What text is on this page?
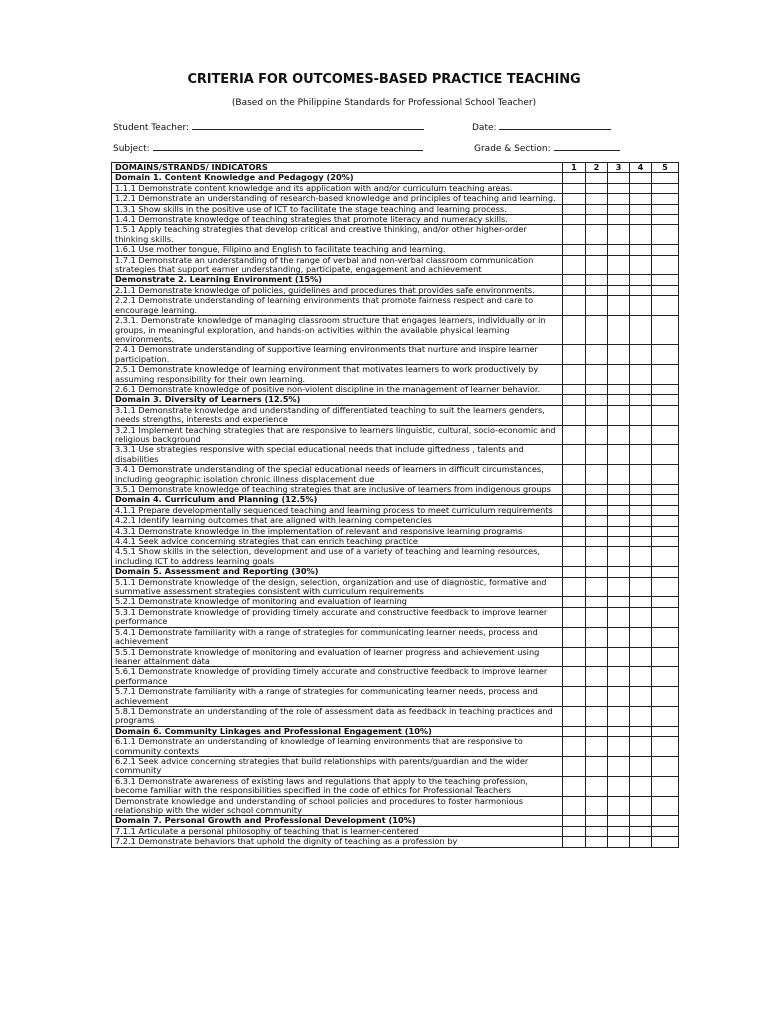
CRITERIA FOR OUTCOMES-BASED PRACTICE TEACHING
(Based on the Philippine Standards for Professional School Teacher)
Student Teacher:	Date:
Subject:	Grade & Section:
DOMAINS/STRANDS/ INDICATORS	1	2	3	4	5
Domain 1. Content Knowledge and Pedagogy (20%)					
1.1.1 Demonstrate content knowledge and its application with and/or curriculum teaching areas.					
1.2.1 Demonstrate an understanding of research-based knowledge and principles of teaching and learning.					
1.3.1 Show skills in the positive use of ICT to facilitate the stage teaching and learning process.					
1.4.1 Demonstrate knowledge of teaching strategies that promote literacy and numeracy skills.					
1.5.1 Apply teaching strategies that develop critical and creative thinking, and/or other higher-order thinking skills.					
1.6.1 Use mother tongue, Filipino and English to facilitate teaching and learning.					
1.7.1 Demonstrate an understanding of the range of verbal and non-verbal classroom communication strategies that support earner understanding, participate, engagement and achievement					
Demonstrate 2. Learning Environment (15%)					
2.1.1 Demonstrate knowledge of policies, guidelines and procedures that provides safe environments.					
2.2.1 Demonstrate understanding of learning environments that promote fairness respect and care to encourage learning.					
2.3.1. Demonstrate knowledge of managing classroom structure that engages learners, individually or in groups, in meaningful exploration, and hands-on activities within the available physical learning environments.					
2.4.1 Demonstrate understanding of supportive learning environments that nurture and inspire learner participation.					
2.5.1 Demonstrate knowledge of learning environment that motivates learners to work productively by assuming responsibility for their own learning.					
2.6.1 Demonstrate knowledge of positive non-violent discipline in the management of learner behavior.					
Domain 3. Diversity of Learners (12.5%)					
3.1.1 Demonstrate knowledge and understanding of differentiated teaching to suit the learners genders, needs strengths, interests and experience					
3.2.1 Implement teaching strategies that are responsive to learners linguistic, cultural, socio-economic and religious background					
3.3.1 Use strategies responsive with special educational needs that include giftedness , talents and disabilities					
3.4.1 Demonstrate understanding of the special educational needs of learners in difficult circumstances, including geographic isolation chronic illness displacement due					
3.5.1 Demonstrate knowledge of teaching strategies that are inclusive of learners from indigenous groups					
Domain 4. Curriculum and Planning (12.5%)					
4.1.1 Prepare developmentally sequenced teaching and learning process to meet curriculum requirements					
4.2.1 Identify learning outcomes that are aligned with learning competencies					
4.3.1 Demonstrate knowledge in the implementation of relevant and responsive learning programs					
4.4.1 Seek advice concerning strategies that can enrich teaching practice					
4.5.1 Show skills in the selection, development and use of a variety of teaching and learning resources, including ICT to address learning goals					
Domain 5. Assessment and Reporting (30%)					
5.1.1 Demonstrate knowledge of the design, selection, organization and use of diagnostic, formative and summative assessment strategies consistent with curriculum requirements					
5.2.1 Demonstrate knowledge of monitoring and evaluation of learning					
5.3.1 Demonstrate knowledge of providing timely accurate and constructive feedback to improve learner performance					
5.4.1 Demonstrate familiarity with a range of strategies for communicating learner needs, process and achievement					
5.5.1 Demonstrate knowledge of monitoring and evaluation of learner progress and achievement using leaner attainment data					
5.6.1 Demonstrate knowledge of providing timely accurate and constructive feedback to improve learner performance					
5.7.1 Demonstrate familiarity with a range of strategies for communicating learner needs, process and achievement					
5.8.1 Demonstrate an understanding of the role of assessment data as feedback in teaching practices and programs					
Domain 6. Community Linkages and Professional Engagement (10%)					
6.1.1 Demonstrate an understanding of knowledge of learning environments that are responsive to community contexts					
6.2.1 Seek advice concerning strategies that build relationships with parents/guardian and the wider community					
6.3.1 Demonstrate awareness of existing laws and regulations that apply to the teaching profession, become familiar with the responsibilities specified in the code of ethics for Professional Teachers					
Demonstrate knowledge and understanding of school policies and procedures to foster harmonious relationship with the wider school community					
Domain 7. Personal Growth and Professional Development (10%)					
7.1.1 Articulate a personal philosophy of teaching that is learner-centered					
7.2.1 Demonstrate behaviors that uphold the dignity of teaching as a profession by					
